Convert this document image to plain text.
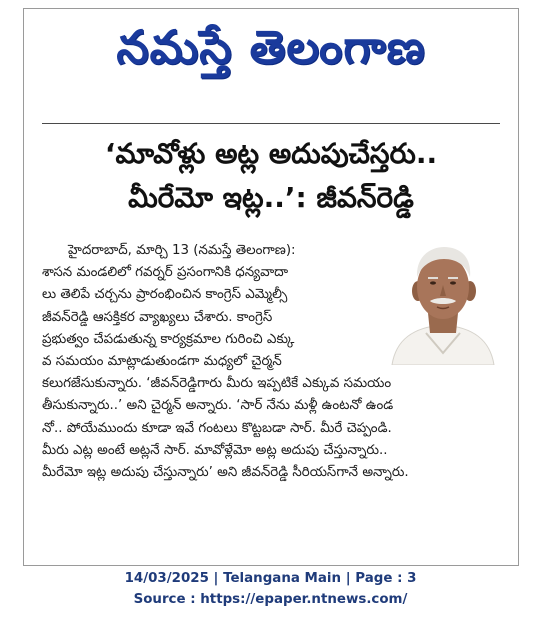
నమస్తే తెలంగాణ
‘మావోళ్లు అట్ల అదుపుచేస్తరు..
మీరేమో ఇట్ల..’: జీవన్‌రెడ్డి
హైదరాబాద్, మార్చి 13 (నమస్తే తెలంగాణ):
శాసన మండలిలో గవర్నర్ ప్రసంగానికి ధన్యవాదా
లు తెలిపే చర్చను ప్రారంభించిన కాంగ్రెస్ ఎమ్మెల్సీ
జీవన్‌రెడ్డి ఆసక్తికర వ్యాఖ్యలు చేశారు. కాంగ్రెస్
ప్రభుత్వం చేపడుతున్న కార్యక్రమాల గురించి ఎక్కు
వ సమయం మాట్లాడుతుండగా మధ్యలో చైర్మన్
కలుగజేసుకున్నారు. ‘జీవన్‌రెడ్డిగారు మీరు ఇప్పటికే ఎక్కువ సమయం
తీసుకున్నారు..’ అని చైర్మన్ అన్నారు. ‘సార్ నేను మళ్లీ ఉంటనో ఉండ
నో.. పోయేముందు కూడా ఇవే గంటలు కొట్టబడా సార్. మీరే చెప్పండి.
మీరు ఎట్ల అంటే అట్లనే సార్. మావోళ్లేమో అట్ల అదుపు చేస్తున్నారు..
మీరేమో ఇట్ల అదుపు చేస్తున్నారు’ అని జీవన్‌రెడ్డి సీరియస్‌గానే అన్నారు.
14/03/2025 | Telangana Main | Page : 3
Source : https://epaper.ntnews.com/
